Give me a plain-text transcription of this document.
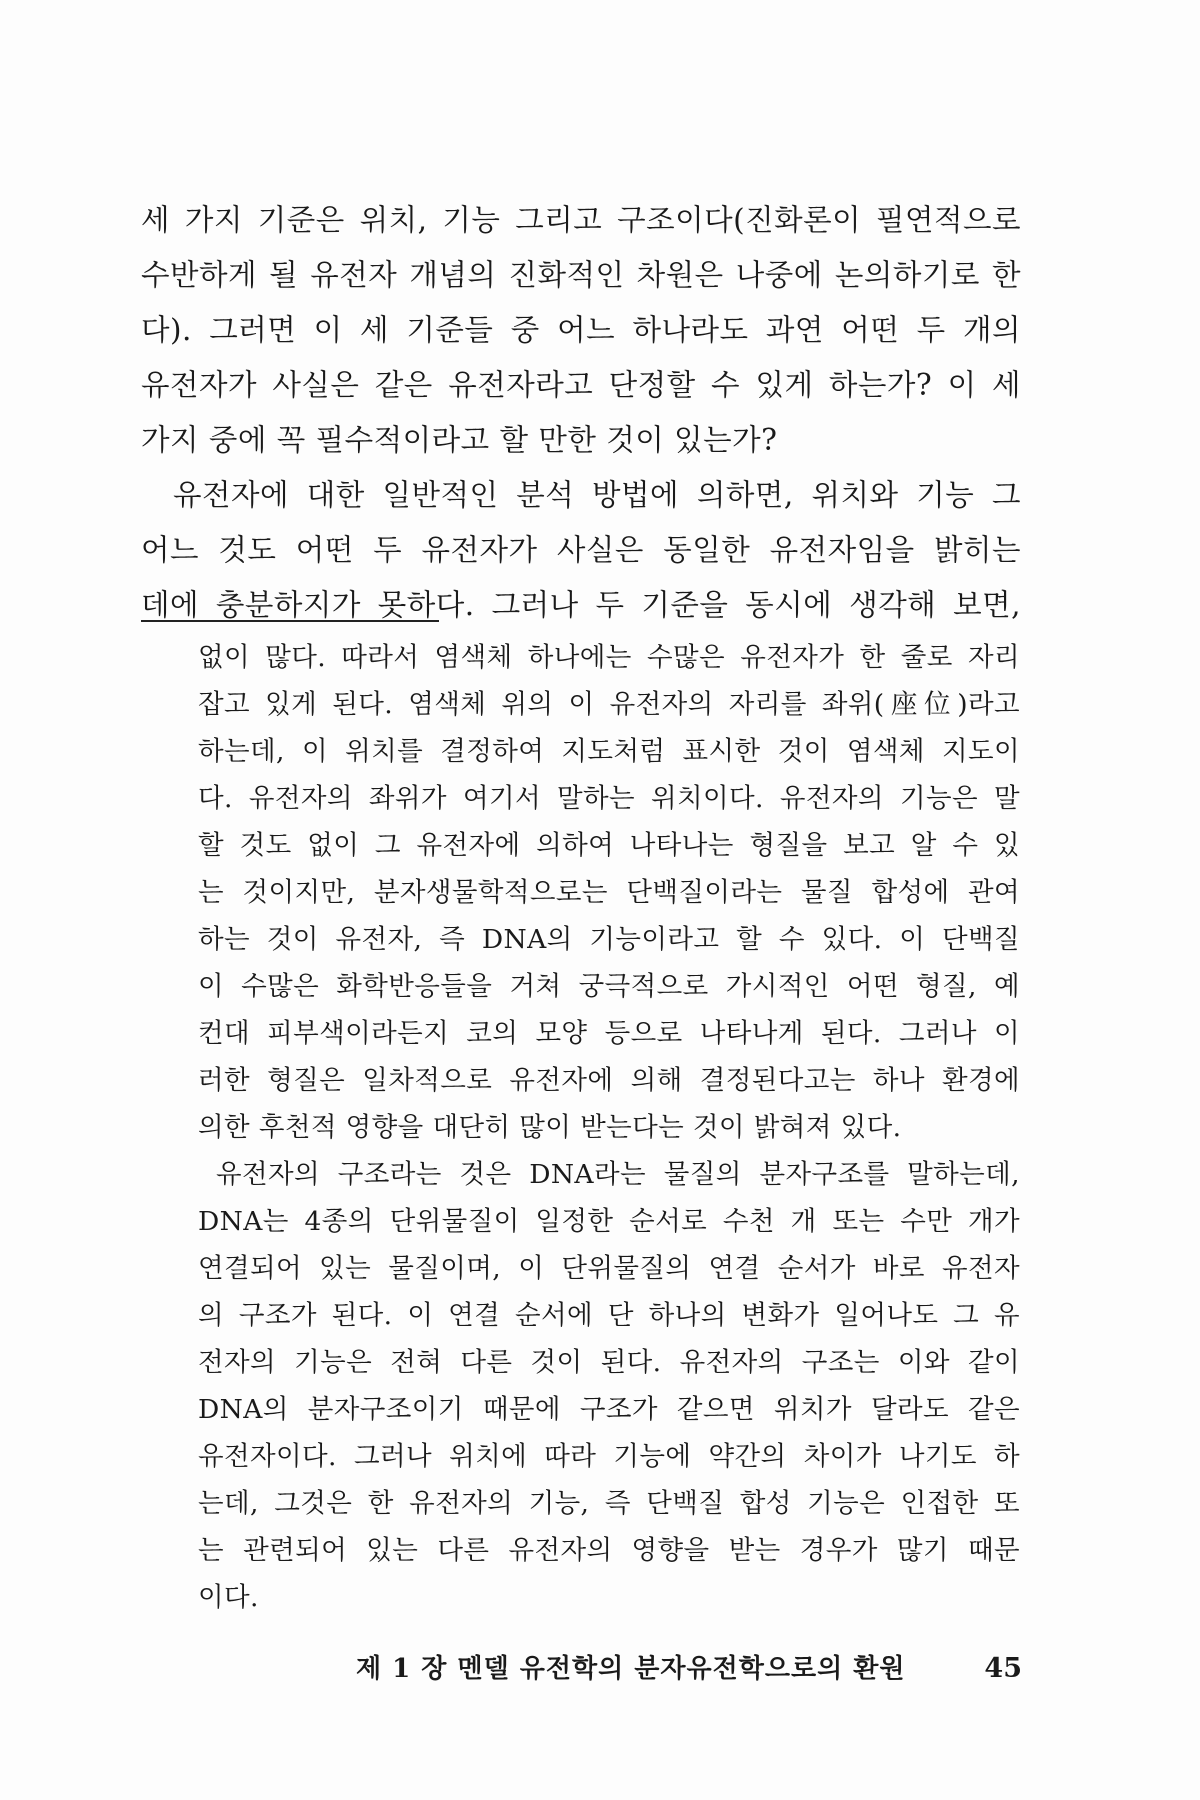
세 가지 기준은 위치, 기능 그리고 구조이다(진화론이 필연적으로
수반하게 될 유전자 개념의 진화적인 차원은 나중에 논의하기로 한
다). 그러면 이 세 기준들 중 어느 하나라도 과연 어떤 두 개의
유전자가 사실은 같은 유전자라고 단정할 수 있게 하는가? 이 세
가지 중에 꼭 필수적이라고 할 만한 것이 있는가?
유전자에 대한 일반적인 분석 방법에 의하면, 위치와 기능 그
어느 것도 어떤 두 유전자가 사실은 동일한 유전자임을 밝히는
데에 충분하지가 못하다. 그러나 두 기준을 동시에 생각해 보면,
없이 많다. 따라서 염색체 하나에는 수많은 유전자가 한 줄로 자리
잡고 있게 된다. 염색체 위의 이 유전자의 자리를 좌위(座位)라고
하는데, 이 위치를 결정하여 지도처럼 표시한 것이 염색체 지도이
다. 유전자의 좌위가 여기서 말하는 위치이다. 유전자의 기능은 말
할 것도 없이 그 유전자에 의하여 나타나는 형질을 보고 알 수 있
는 것이지만, 분자생물학적으로는 단백질이라는 물질 합성에 관여
하는 것이 유전자, 즉 DNA의 기능이라고 할 수 있다. 이 단백질
이 수많은 화학반응들을 거쳐 궁극적으로 가시적인 어떤 형질, 예
컨대 피부색이라든지 코의 모양 등으로 나타나게 된다. 그러나 이
러한 형질은 일차적으로 유전자에 의해 결정된다고는 하나 환경에
의한 후천적 영향을 대단히 많이 받는다는 것이 밝혀져 있다.
유전자의 구조라는 것은 DNA라는 물질의 분자구조를 말하는데,
DNA는 4종의 단위물질이 일정한 순서로 수천 개 또는 수만 개가
연결되어 있는 물질이며, 이 단위물질의 연결 순서가 바로 유전자
의 구조가 된다. 이 연결 순서에 단 하나의 변화가 일어나도 그 유
전자의 기능은 전혀 다른 것이 된다. 유전자의 구조는 이와 같이
DNA의 분자구조이기 때문에 구조가 같으면 위치가 달라도 같은
유전자이다. 그러나 위치에 따라 기능에 약간의 차이가 나기도 하
는데, 그것은 한 유전자의 기능, 즉 단백질 합성 기능은 인접한 또
는 관련되어 있는 다른 유전자의 영향을 받는 경우가 많기 때문
이다.
제 1 장 멘델 유전학의 분자유전학으로의 환원	45
